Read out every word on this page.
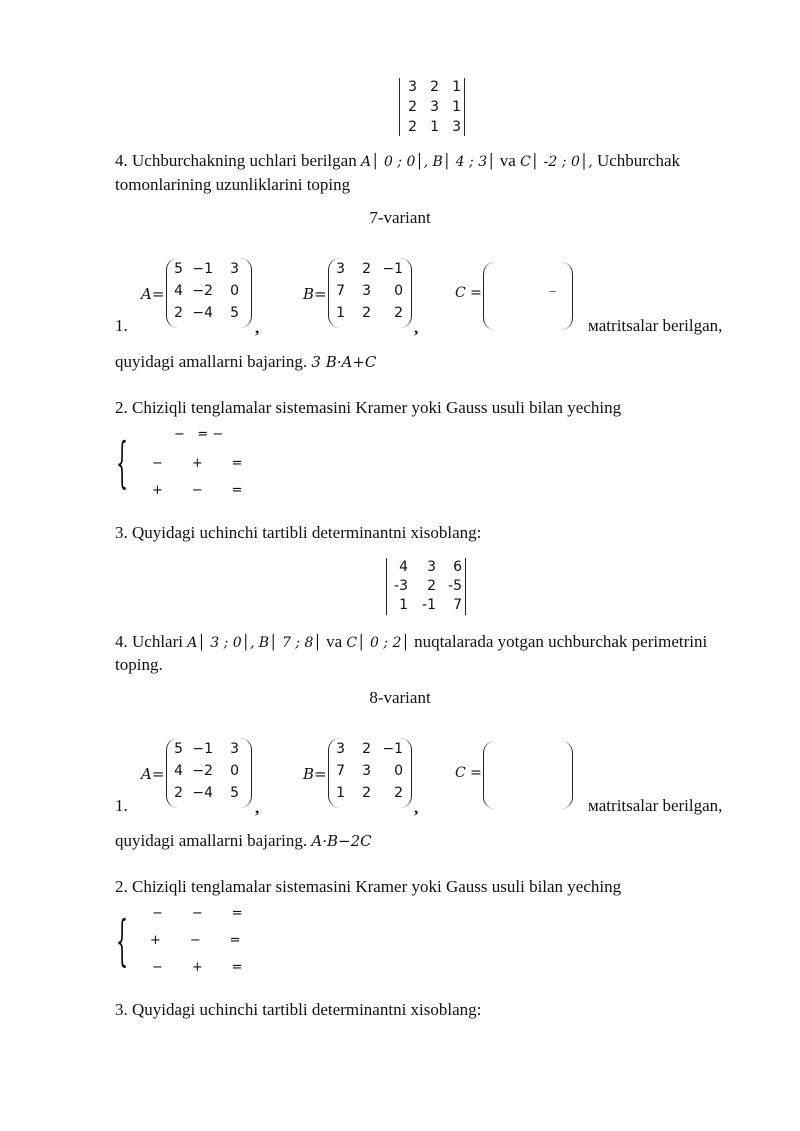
3 2 1
2 3 1
2 1 3
4. Uchburchakning uchlari berilgan A│ 0 ; 0│, B│ 4 ; 3│ va C│ -2 ; 0│, Uchburchak
tomonlarining uzunliklarini toping
7-variant
1.
A=
5 −1	3
4 −2	0
2 −4	5
,
B=
3	2 −1
7	3	0
1	2	2
,
C =	−
мatritsalar berilgan,
quyidagi amallarni bajaring. 3 B·A+C
2. Chiziqli tenglamalar sistemasini Kramer yoki Gauss usuli bilan yeching
{	−   = −
−       +       =
+       −       =
3. Quyidagi uchinchi tartibli determinantni xisoblang:
4	3	6
-3	2 -5
1	-1	7
4. Uchlari A│ 3 ; 0│, B│ 7 ; 8│ va C│ 0 ; 2│ nuqtalarada yotgan uchburchak perimetrini
toping.
8-variant
1.
A=
5 −1	3
4 −2	0
2 −4	5
,
B=
3	2 −1
7	3	0
1	2	2
,
C =
мatritsalar berilgan,
quyidagi amallarni bajaring. A·B−2C
2. Chiziqli tenglamalar sistemasini Kramer yoki Gauss usuli bilan yeching
{ −       −       =
+       −       =
−       +       =
3. Quyidagi uchinchi tartibli determinantni xisoblang:
